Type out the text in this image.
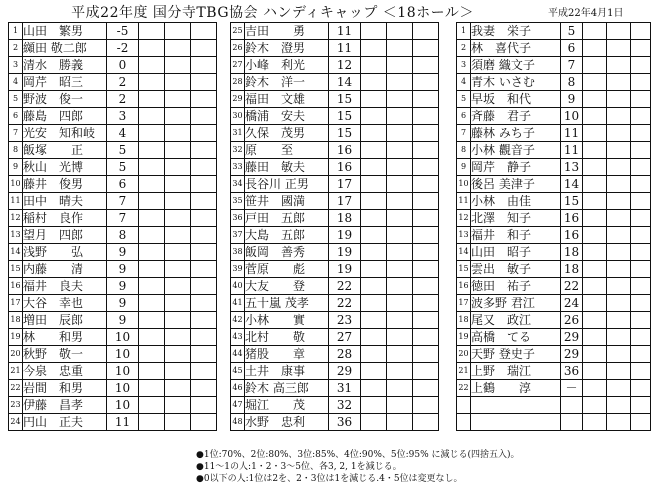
平成22年度 国分寺TBG協会 ハンディキャップ ＜18ホール＞	平成22年4月1日
1	山田　繁男	-5			
2	纐田 敬二郎	-2			
3	清水　勝義	0			
4	岡芹　昭三	2			
5	野波　俊一	2			
6	藤島　四郎	3			
7	光安　知和岐	4			
8	飯塚　　正	5			
9	秋山　光博	5			
10	藤井　俊男	6			
11	田中　晴夫	7			
12	稲村　良作	7			
13	望月　四郎	8			
14	浅野　　弘	9			
15	内藤　　清	9			
16	福井　良夫	9			
17	大谷　幸也	9			
18	増田　辰郎	9			
19	林　　和男	10			
20	秋野　敬一	10			
21	今泉　忠重	10			
22	岩間　和男	10			
23	伊藤　昌孝	10			
24	円山　正夫	11			
25	吉田　　勇	11			
26	鈴木　澄男	11			
27	小峰　利光	12			
28	鈴木　洋一	14			
29	福田　文雄	15			
30	橋浦　安夫	15			
31	久保　茂男	15			
32	原　　至	16			
33	藤田　敏夫	16			
34	長谷川 正男	17			
35	笹井　國満	17			
36	戸田　五郎	18			
37	大島　五郎	19			
38	飯岡　善秀	19			
39	菅原　　彪	19			
40	大友　　登	22			
41	五十嵐 茂孝	22			
42	小林　　實	23			
43	北村　　敬	27			
44	猪股　　章	28			
45	土井　康事	29			
46	鈴木 高三郎	31			
47	堀江　　茂	32			
48	水野　忠利	36			
1	我妻　栄子	5			
2	林　喜代子	6			
3	須磨 織文子	7			
4	青木 いさむ	8			
5	早坂　和代	9			
6	斉藤　君子	10			
7	藤林 みち子	11			
8	小林 觀音子	11			
9	岡芹　静子	13			
10	後呂 美津子	14			
11	小林　由佳	15			
12	北澤　知子	16			
13	福井　和子	16			
14	山田　昭子	18			
15	雲出　敏子	18			
16	徳田　祐子	22			
17	波多野 君江	24			
18	尾又　政江	26			
19	高橋　てる	29			
20	天野 登史子	29			
21	上野　瑞江	36			
22	上鶴　　淳	－			

●1位:70%、2位:80%、3位:85%、4位:90%、5位:95% に減じる(四捨五入)。
●11～1の人:1・2・3～5位、各3, 2, 1を減じる。
●0以下の人:1位は2を、2・3位は1を減じる.4・5位は変更なし。
